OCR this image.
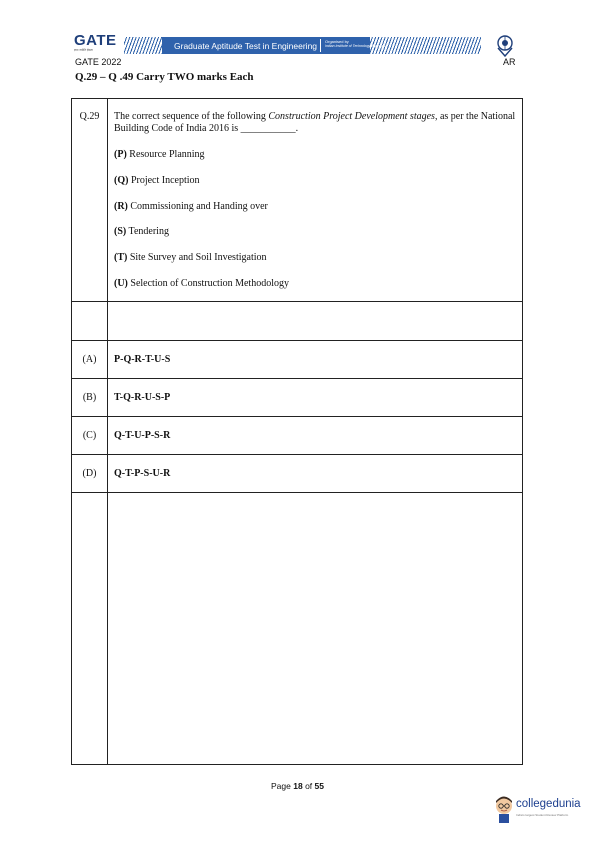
GATE
ज्ञान ज्योति ज्ञेयता	Graduate Aptitude Test in Engineering Organised by
Indian Institute of Technology Kharagpur
GATE 2022	AR
Q.29 – Q .49 Carry TWO marks Each
Q.29	The correct sequence of the following Construction Project Development stages, as per the National Building Code of India 2016 is ___________.
(P) Resource Planning
(Q) Project Inception
(R) Commissioning and Handing over
(S) Tendering
(T) Site Survey and Soil Investigation
(U) Selection of Construction Methodology
(A)	P-Q-R-T-U-S
(B)	T-Q-R-U-S-P
(C)	Q-T-U-P-S-R
(D)	Q-T-P-S-U-R
Page 18 of 55
collegedunia
India's largest Student Review Platform
